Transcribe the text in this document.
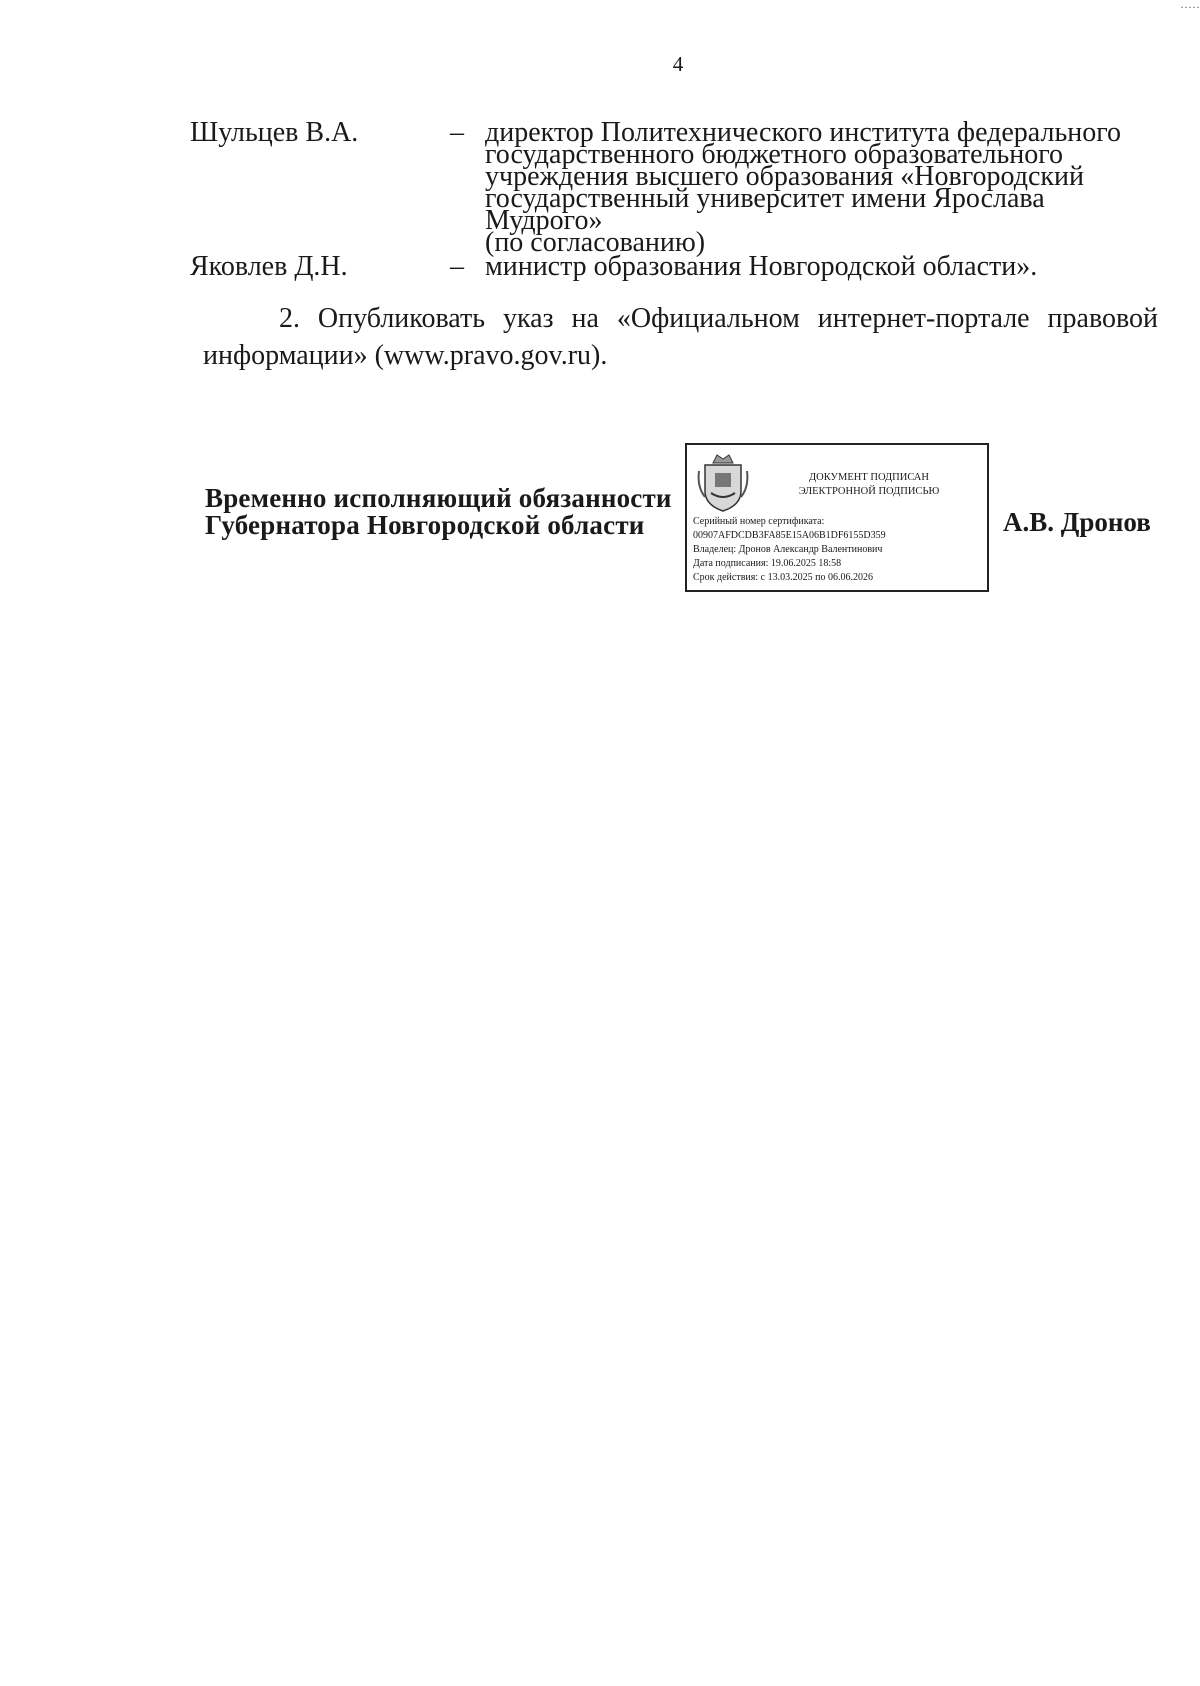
·····
4
Шульцев В.А.	– директор Политехнического института федерального
государственного бюджетного образовательного
учреждения высшего образования «Новгородский
государственный университет имени Ярослава Мудрого»
(по согласованию)
Яковлев Д.Н.	– министр образования Новгородской области».
2. Опубликовать указ на «Официальном интернет-портале правовой информации» (www.pravo.gov.ru).
Временно исполняющий обязанности
Губернатора Новгородской области
ДОКУМЕНТ ПОДПИСАН
ЭЛЕКТРОННОЙ ПОДПИСЬЮ
Серийный номер сертификата:
00907AFDCDB3FA85E15A06B1DF6155D359
Владелец: Дронов Александр Валентинович
Дата подписания: 19.06.2025 18:58
Срок действия: с 13.03.2025 по 06.06.2026
А.В. Дронов
